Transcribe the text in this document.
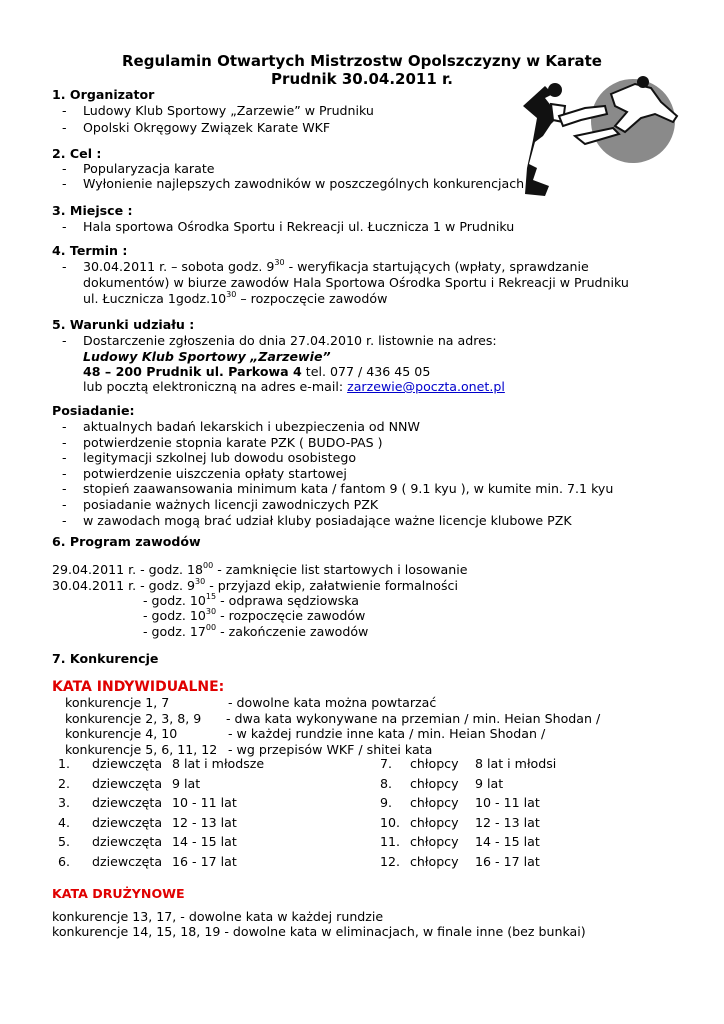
Regulamin Otwartych Mistrzostw Opolszczyzny w Karate
Prudnik 30.04.2011 r.
1. Organizator
- Ludowy Klub Sportowy „Zarzewie” w Prudniku
- Opolski Okręgowy Związek Karate WKF
2. Cel :
- Popularyzacja karate
- Wyłonienie najlepszych zawodników w poszczególnych konkurencjach
3. Miejsce :
- Hala sportowa Ośrodka Sportu i Rekreacji ul. Łucznicza 1 w Prudniku
4. Termin :
- 30.04.2011 r. – sobota godz. $9^{30}$ - weryfikacja startujących (wpłaty, sprawdzanie
dokumentów) w biurze zawodów Hala Sportowa Ośrodka Sportu i Rekreacji w Prudniku
ul. Łucznicza $1godz.10^{30}$ – rozpoczęcie zawodów
5. Warunki udziału :
- Dostarczenie zgłoszenia do dnia 27.04.2010 r. listownie na adres:
Ludowy Klub Sportowy „Zarzewie”
48 – 200 Prudnik ul. Parkowa 4 tel. 077 / 436 45 05
lub pocztą elektroniczną na adres e-mail: zarzewie@poczta.onet.pl
Posiadanie:
- aktualnych badań lekarskich i ubezpieczenia od NNW
- potwierdzenie stopnia karate PZK ( BUDO-PAS )
- legitymacji szkolnej lub dowodu osobistego
- potwierdzenie uiszczenia opłaty startowej
- stopień zaawansowania minimum kata / fantom 9 ( 9.1 kyu ), w kumite min. 7.1 kyu
- posiadanie ważnych licencji zawodniczych PZK
- w zawodach mogą brać udział kluby posiadające ważne licencje klubowe PZK
6. Program zawodów
29.04.2011 r. - godz. $18^{00}$ - zamknięcie list startowych i losowanie
30.04.2011 r. - godz. $9^{30}$ - przyjazd ekip, załatwienie formalności
- godz. $10^{15}$ - odprawa sędziowska
- godz. $10^{30}$ - rozpoczęcie zawodów
- godz. $17^{00}$ - zakończenie zawodów
7. Konkurencje
KATA INDYWIDUALNE:
konkurencje 1, 7	- dowolne kata można powtarzać
konkurencje 2, 3, 8, 9 - dwa kata wykonywane na przemian / min. Heian Shodan /
konkurencje 4, 10	- w każdej rundzie inne kata / min. Heian Shodan /
konkurencje 5, 6, 11, 12 - wg przepisów WKF / shitei kata
1. dziewczęta 8 lat i młodsze
2. dziewczęta 9 lat
3. dziewczęta 10 - 11 lat
4. dziewczęta 12 - 13 lat
5. dziewczęta 14 - 15 lat
6. dziewczęta 16 - 17 lat
7. chłopcy 8 lat i młodsi
8. chłopcy 9 lat
9. chłopcy 10 - 11 lat
10. chłopcy 12 - 13 lat
11. chłopcy 14 - 15 lat
12. chłopcy 16 - 17 lat
KATA DRUŻYNOWE
konkurencje 13, 17, - dowolne kata w każdej rundzie
konkurencje 14, 15, 18, 19 - dowolne kata w eliminacjach, w finale inne (bez bunkai)
